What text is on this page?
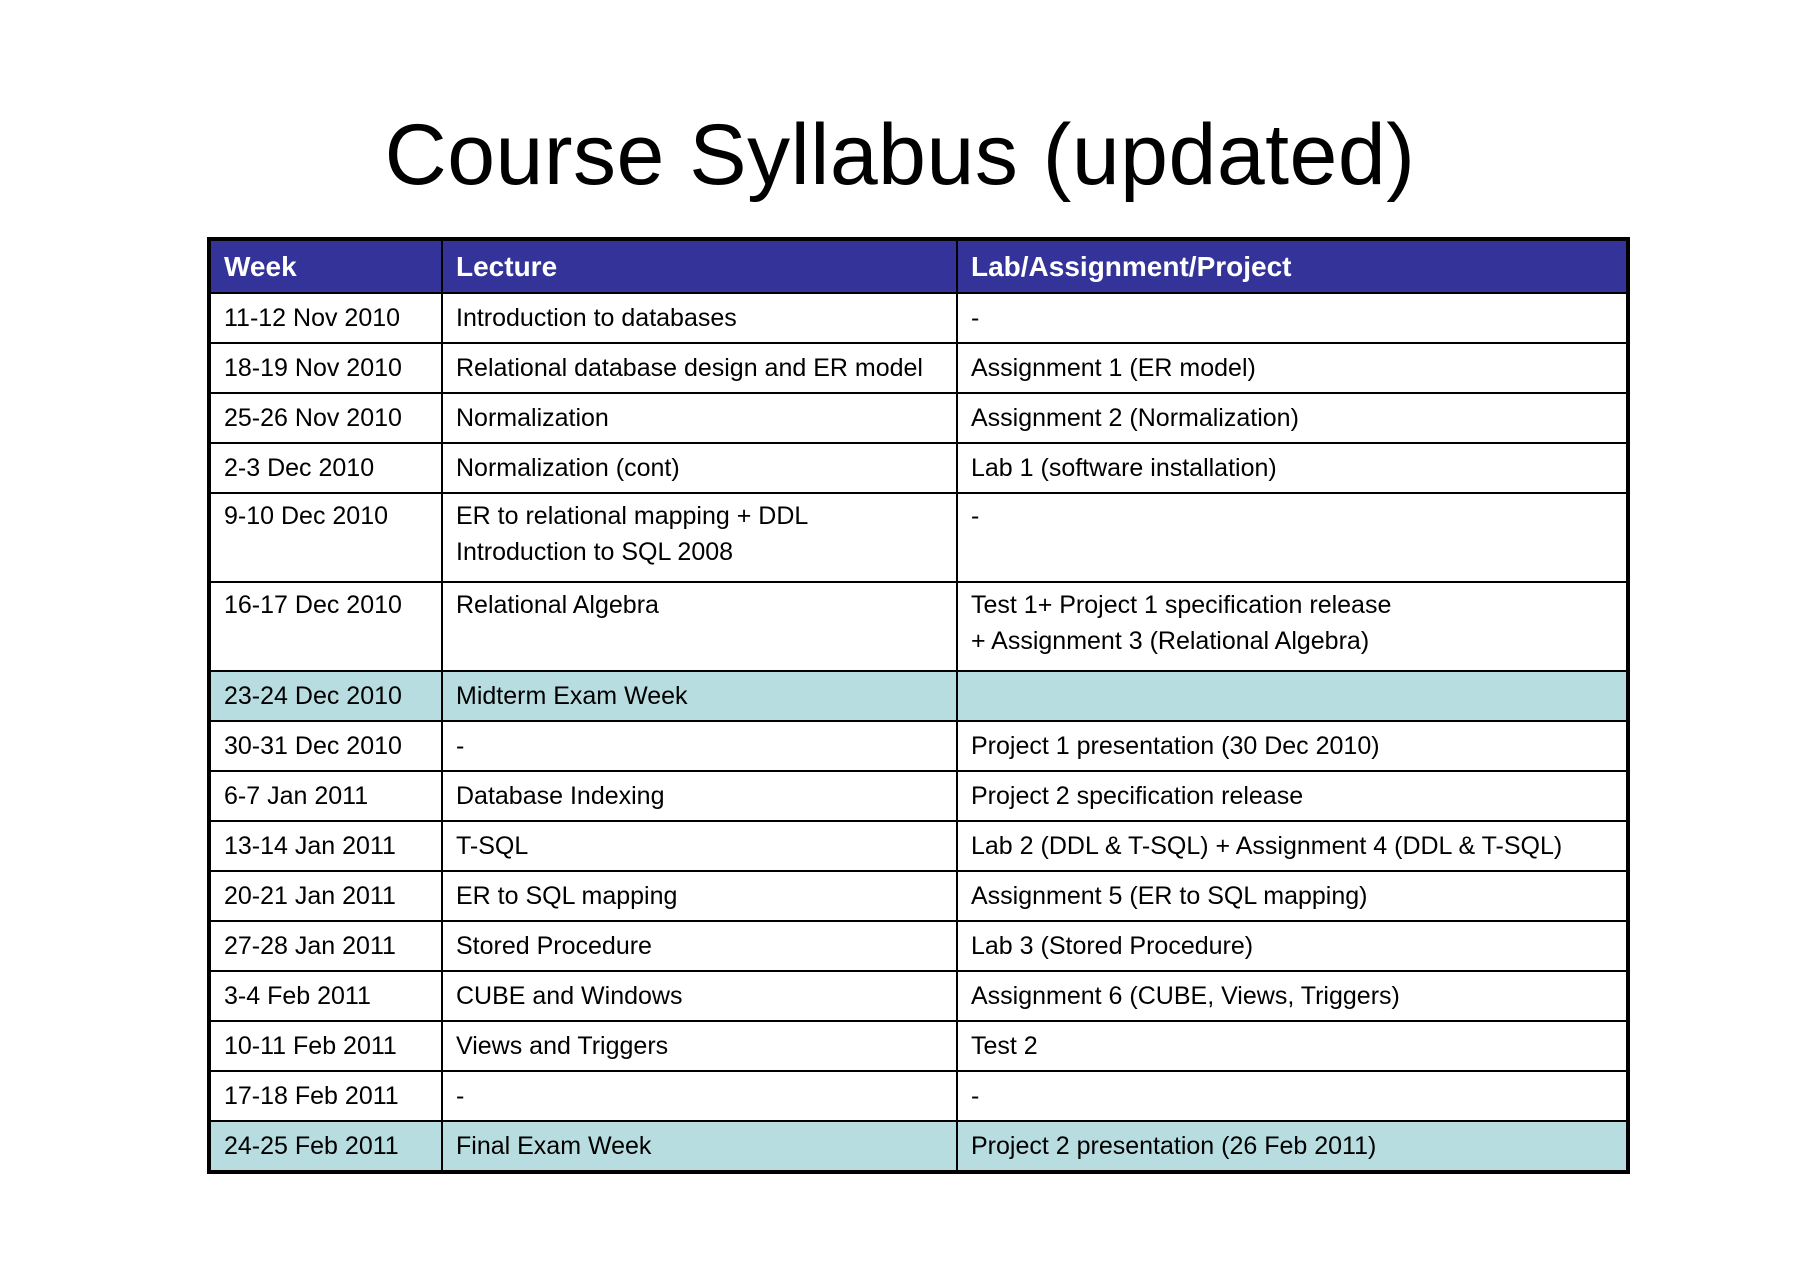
Course Syllabus (updated)
Week	Lecture	Lab/Assignment/Project
11-12 Nov 2010	Introduction to databases	-

18-19 Nov 2010	Relational database design and ER model	Assignment 1 (ER model)

25-26 Nov 2010	Normalization	Assignment 2 (Normalization)

2-3 Dec 2010	Normalization (cont)	Lab 1 (software installation)

9-10 Dec 2010	ER to relational mapping + DDL
Introduction to SQL 2008	-

16-17 Dec 2010	Relational Algebra	Test 1+ Project 1 specification release
+ Assignment 3 (Relational Algebra)

23-24 Dec 2010	Midterm Exam Week	

30-31 Dec 2010	-	Project 1 presentation (30 Dec 2010)

6-7 Jan 2011	Database Indexing	Project 2 specification release

13-14 Jan 2011	T-SQL	Lab 2 (DDL & T-SQL) + Assignment 4 (DDL & T-SQL)

20-21 Jan 2011	ER to SQL mapping	Assignment 5 (ER to SQL mapping)

27-28 Jan 2011	Stored Procedure	Lab 3 (Stored Procedure)

3-4 Feb 2011	CUBE and Windows	Assignment 6 (CUBE, Views, Triggers)

10-11 Feb 2011	Views and Triggers	Test 2

17-18 Feb 2011	-	-

24-25 Feb 2011	Final Exam Week	Project 2 presentation (26 Feb 2011)
